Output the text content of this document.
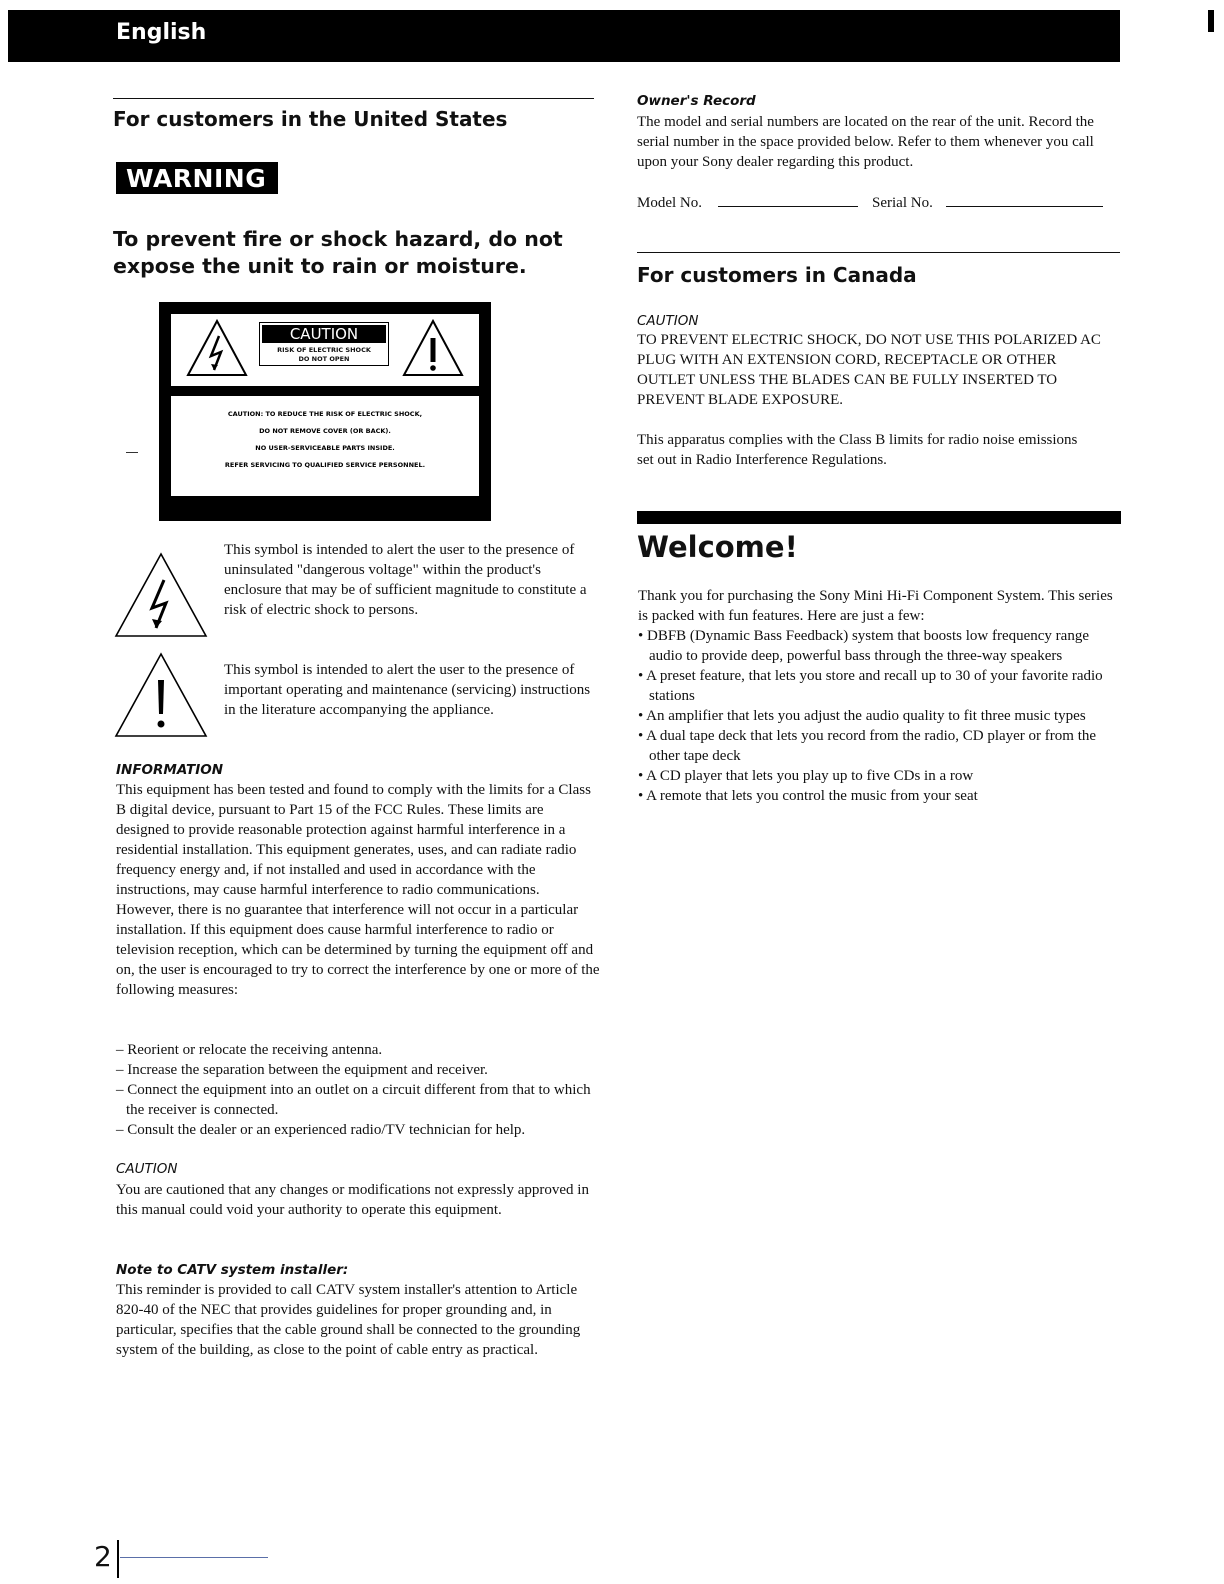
English
For customers in the United States
WARNING

To prevent fire or shock hazard, do not expose the unit to rain or moisture.

CAUTION
RISK OF ELECTRIC SHOCK
DO NOT OPEN
CAUTION: TO REDUCE THE RISK OF ELECTRIC SHOCK,
DO NOT REMOVE COVER (OR BACK).
NO USER-SERVICEABLE PARTS INSIDE.
REFER SERVICING TO QUALIFIED SERVICE PERSONNEL.

This symbol is intended to alert the user to the presence of uninsulated "dangerous voltage" within the product's enclosure that may be of sufficient magnitude to constitute a risk of electric shock to persons.

This symbol is intended to alert the user to the presence of important operating and maintenance (servicing) instructions in the literature accompanying the appliance.

INFORMATION

This equipment has been tested and found to comply with the limits for a Class B digital device, pursuant to Part 15 of the FCC Rules. These limits are designed to provide reasonable protection against harmful interference in a residential installation. This equipment generates, uses, and can radiate radio frequency energy and, if not installed and used in accordance with the instructions, may cause harmful interference to radio communications. However, there is no guarantee that interference will not occur in a particular installation. If this equipment does cause harmful interference to radio or television reception, which can be determined by turning the equipment off and on, the user is encouraged to try to correct the interference by one or more of the following measures:

– Reorient or relocate the receiving antenna.
– Increase the separation between the equipment and receiver.
– Connect the equipment into an outlet on a circuit different from that to which the receiver is connected.
– Consult the dealer or an experienced radio/TV technician for help.

CAUTION

You are cautioned that any changes or modifications not expressly approved in this manual could void your authority to operate this equipment.

Note to CATV system installer:

This reminder is provided to call CATV system installer's attention to Article 820-40 of the NEC that provides guidelines for proper grounding and, in particular, specifies that the cable ground shall be connected to the grounding system of the building, as close to the point of cable entry as practical.

Owner's Record

The model and serial numbers are located on the rear of the unit. Record the serial number in the space provided below. Refer to them whenever you call upon your Sony dealer regarding this product.

Model No.	Serial No.
For customers in Canada

CAUTION

TO PREVENT ELECTRIC SHOCK, DO NOT USE THIS POLARIZED AC PLUG WITH AN EXTENSION CORD, RECEPTACLE OR OTHER OUTLET UNLESS THE BLADES CAN BE FULLY INSERTED TO PREVENT BLADE EXPOSURE.

This apparatus complies with the Class B limits for radio noise emissions set out in Radio Interference Regulations.

Welcome!

Thank you for purchasing the Sony Mini Hi-Fi Component System. This series is packed with fun features. Here are just a few:

• DBFB (Dynamic Bass Feedback) system that boosts low frequency range audio to provide deep, powerful bass through the three-way speakers
• A preset feature, that lets you store and recall up to 30 of your favorite radio stations
• An amplifier that lets you adjust the audio quality to fit three music types
• A dual tape deck that lets you record from the radio, CD player or from the other tape deck
• A CD player that lets you play up to five CDs in a row
• A remote that lets you control the music from your seat
2
